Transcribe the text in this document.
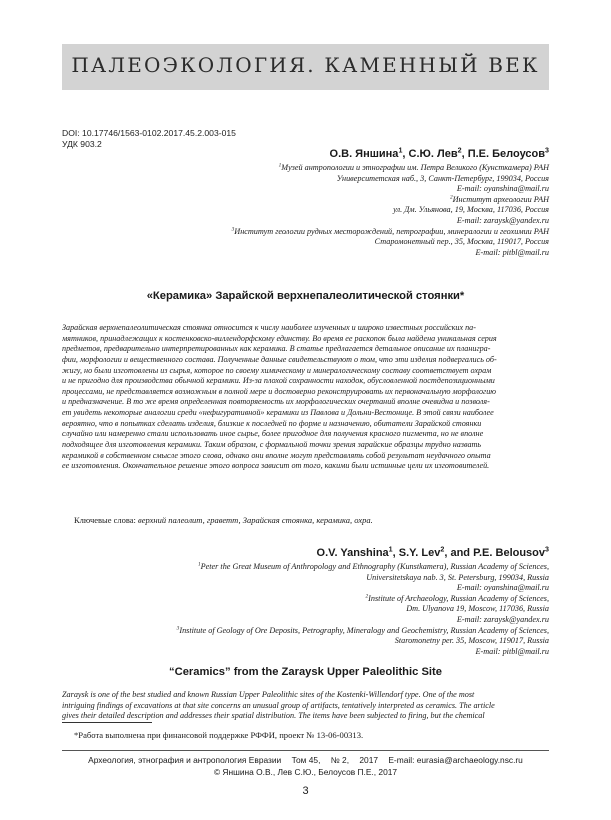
ПАЛЕОЭКОЛОГИЯ. КАМЕННЫЙ ВЕК
DOI: 10.17746/1563-0102.2017.45.2.003-015
УДК 903.2
О.В. Яншина$^1$, С.Ю. Лев$^2$, П.Е. Белоусов$^3$
$^1$Музей антропологии и этнографии им. Петра Великого (Кунсткамера) РАН
Университетская наб., 3, Санкт-Петербург, 199034, Россия
E-mail: oyanshina@mail.ru
$^2$Институт археологии РАН
ул. Дм. Ульянова, 19, Москва, 117036, Россия
E-mail: zaraysk@yandex.ru
$^3$Институт геологии рудных месторождений, петрографии, минералогии и геохимии РАН
Старомонетный пер., 35, Москва, 119017, Россия
E-mail: pitbl@mail.ru
«Керамика» Зарайской верхнепалеолитической стоянки*
Зарайская верхнепалеолитическая стоянка относится к числу наиболее изученных и широко известных российских па-
мятников, принадлежащих к костенковско-виллендорфскому единству. Во время ее раскопок была найдена уникальная серия
предметов, предварительно интерпретированных как керамика. В статье предлагается детальное описание их планигра-
фии, морфологии и вещественного состава. Полученные данные свидетельствуют о том, что эти изделия подвергались об-
жигу, но были изготовлены из сырья, которое по своему химическому и минералогическому составу соответствует охрам
и не пригодно для производства обычной керамики. Из-за плохой сохранности находок, обусловленной постдепозиционными
процессами, не представляется возможным в полной мере и достоверно реконструировать их первоначальную морфологию
и предназначение. В то же время определенная повторяемость их морфологических очертаний вполне очевидна и позволя-
ет увидеть некоторые аналогии среди «нефигуративной» керамики из Павлова и Дольни-Вестонице. В этой связи наиболее
вероятно, что в попытках сделать изделия, близкие к последней по форме и назначению, обитатели Зарайской стоянки
случайно или намеренно стали использовать иное сырье, более пригодное для получения красного пигмента, но не вполне
подходящее для изготовления керамики. Таким образом, с формальной точки зрения зарайские образцы трудно назвать
керамикой в собственном смысле этого слова, однако они вполне могут представлять собой результат неудачного опыта
ее изготовления. Окончательное решение этого вопроса зависит от того, какими были истинные цели их изготовителей.
Ключевые слова: верхний палеолит, граветт, Зарайская стоянка, керамика, охра.
O.V. Yanshina$^1$, S.Y. Lev$^2$, and P.E. Belousov$^3$
$^1$Peter the Great Museum of Anthropology and Ethnography (Kunstkamera), Russian Academy of Sciences,
Universitetskaya nab. 3, St. Petersburg, 199034, Russia
E-mail: oyanshina@mail.ru
$^2$Institute of Archaeology, Russian Academy of Sciences,
Dm. Ulyanova 19, Moscow, 117036, Russia
E-mail: zaraysk@yandex.ru
$^3$Institute of Geology of Ore Deposits, Petrography, Mineralogy and Geochemistry, Russian Academy of Sciences,
Staromonetny per. 35, Moscow, 119017, Russia
E-mail: pitbl@mail.ru
“Ceramics” from the Zaraysk Upper Paleolithic Site
Zaraysk is one of the best studied and known Russian Upper Paleolithic sites of the Kostenki-Willendorf type. One of the most
intriguing findings of excavations at that site concerns an unusual group of artifacts, tentatively interpreted as ceramics. The article
gives their detailed description and addresses their spatial distribution. The items have been subjected to firing, but the chemical
*Работа выполнена при финансовой поддержке РФФИ, проект № 13-06-00313.
Археология, этнография и антропология Евразии Том 45, № 2, 2017 E-mail: eurasia@archaeology.nsc.ru
© Яншина О.В., Лев С.Ю., Белоусов П.Е., 2017
3
